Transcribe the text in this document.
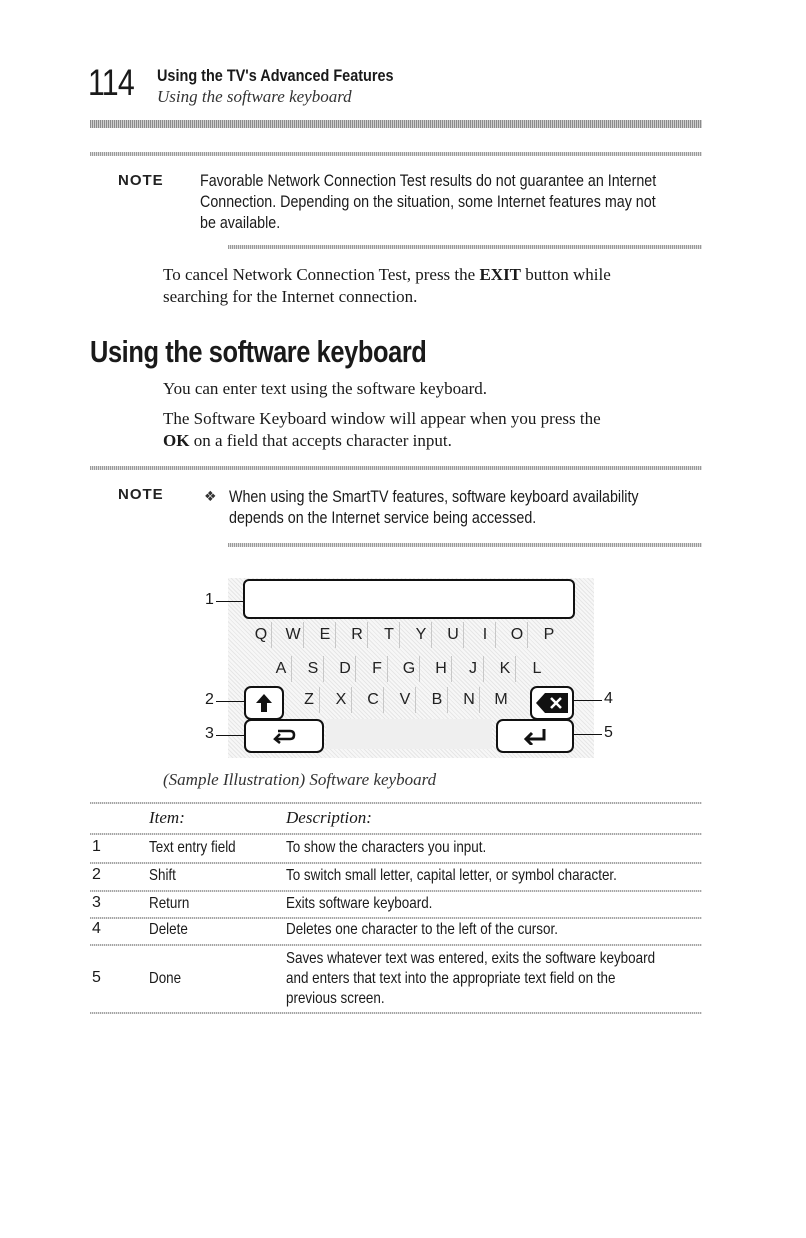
114 Using the TV's Advanced Features
Using the software keyboard
NOTE Favorable Network Connection Test results do not guarantee an Internet
Connection. Depending on the situation, some Internet features may not
be available.
To cancel Network Connection Test, press the EXIT button while
searching for the Internet connection.
Using the software keyboard
You can enter text using the software keyboard.
The Software Keyboard window will appear when you press the
OK on a field that accepts character input.
NOTE	❖ When using the SmartTV features, software keyboard availability
depends on the Internet service being accessed.
Q W E	R	T	Y	U	I	O P
A	S	D	F	G H	J	K	L
Z	X	C	V	B	N	M
1
2
3
4
5
(Sample Illustration) Software keyboard
Item:	Description:
1	Text entry field	To show the characters you input.
2	Shift	To switch small letter, capital letter, or symbol character.
3	Return	Exits software keyboard.
4	Delete	Deletes one character to the left of the cursor.
5	Done
Saves whatever text was entered, exits the software keyboard
and enters that text into the appropriate text field on the
previous screen.
